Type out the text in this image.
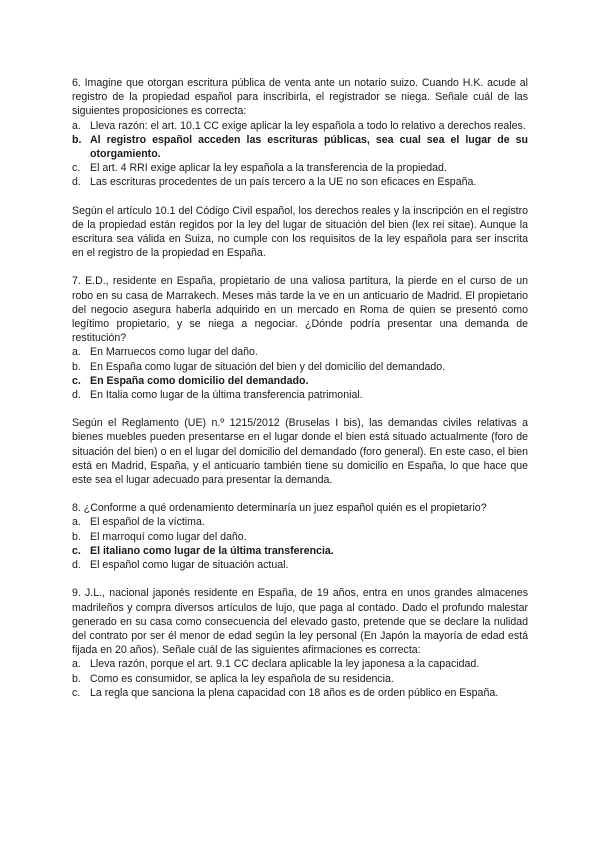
6. Imagine que otorgan escritura pública de venta ante un notario suizo. Cuando H.K. acude al registro de la propiedad español para inscribirla, el registrador se niega. Señale cuál de las siguientes proposiciones es correcta:

a. Lleva razón: el art. 10.1 CC exige aplicar la ley española a todo lo relativo a derechos reales.
b. Al registro español acceden las escrituras públicas, sea cual sea el lugar de su otorgamiento.
c. El art. 4 RRI exige aplicar la ley española a la transferencia de la propiedad.
d. Las escrituras procedentes de un país tercero a la UE no son eficaces en España.

Según el artículo 10.1 del Código Civil español, los derechos reales y la inscripción en el registro de la propiedad están regidos por la ley del lugar de situación del bien (lex rei sitae). Aunque la escritura sea válida en Suiza, no cumple con los requisitos de la ley española para ser inscrita en el registro de la propiedad en España.

7. E.D., residente en España, propietario de una valiosa partitura, la pierde en el curso de un robo en su casa de Marrakech. Meses más tarde la ve en un anticuario de Madrid. El propietario del negocio asegura haberla adquirido en un mercado en Roma de quien se presentó como legítimo propietario, y se niega a negociar. ¿Dónde podría presentar una demanda de restitución?

a. En Marruecos como lugar del daño.
b. En España como lugar de situación del bien y del domicilio del demandado.
c. En España como domicilio del demandado.
d. En Italia como lugar de la última transferencia patrimonial.

Según el Reglamento (UE) n.º 1215/2012 (Bruselas I bis), las demandas civiles relativas a bienes muebles pueden presentarse en el lugar donde el bien está situado actualmente (foro de situación del bien) o en el lugar del domicilio del demandado (foro general). En este caso, el bien está en Madrid, España, y el anticuario también tiene su domicilio en España, lo que hace que este sea el lugar adecuado para presentar la demanda.

8. ¿Conforme a qué ordenamiento determinaría un juez español quién es el propietario?

a. El español de la víctima.
b. El marroquí como lugar del daño.
c. El italiano como lugar de la última transferencia.
d. El español como lugar de situación actual.

9. J.L., nacional japonés residente en España, de 19 años, entra en unos grandes almacenes madrileños y compra diversos artículos de lujo, que paga al contado. Dado el profundo malestar generado en su casa como consecuencia del elevado gasto, pretende que se declare la nulidad del contrato por ser él menor de edad según la ley personal (En Japón la mayoría de edad está fijada en 20 años). Señale cuál de las siguientes afirmaciones es correcta:

a. Lleva razón, porque el art. 9.1 CC declara aplicable la ley japonesa a la capacidad.
b. Como es consumidor, se aplica la ley española de su residencia.
c. La regla que sanciona la plena capacidad con 18 años es de orden público en España.
